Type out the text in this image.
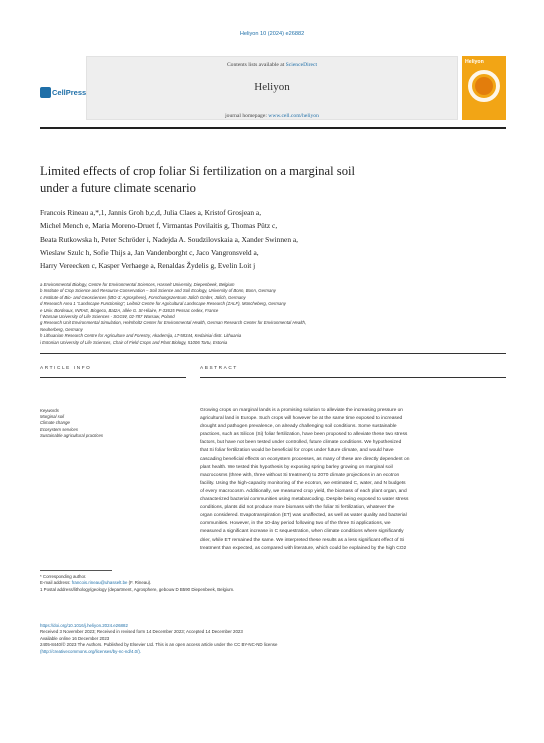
Heliyon 10 (2024) e26882
CellPress
Contents lists available at ScienceDirect
Heliyon
journal homepage: www.cell.com/heliyon
Heliyon
Limited effects of crop foliar Si fertilization on a marginal soil
under a future climate scenario
Francois Rineau a,*,1, Jannis Groh b,c,d, Julia Claes a, Kristof Grosjean a,
Michel Mench e, Maria Moreno-Druet f, Virmantas Povilaitis g, Thomas Pütz c,
Beata Rutkowska h, Peter Schröder i, Nadejda A. Soudzilovskaia a, Xander Swinnen a,
Wieslaw Szulc h, Sofie Thijs a, Jan Vandenborght c, Jaco Vangronsveld a,
Harry Vereecken c, Kasper Verhaege a, Renaldas Žydelis g, Evelin Loit j
a Environmental Biology, Centre for Environmental Sciences, Hasselt University, Diepenbeek, Belgium
b Institute of Crop Science and Resource Conservation – Soil Science and Soil Ecology, University of Bonn, Bonn, Germany
c Institute of Bio- and Geosciences (IBG-3: Agrosphere), Forschungszentrum Jülich GmbH, Jülich, Germany
d Research Area 1 "Landscape Functioning", Leibniz Centre for Agricultural Landscape Research (ZALF), Müncheberg, Germany
e Univ. Bordeaux, INRAE, Biogeco, Bat2A, allée G. St-Hilaire, F-33615 Pessac cedex, France
f Warsaw University of Life Sciences - SGGW, 02-787 Warsaw, Poland
g Research Unit Environmental Simulation, Helmholtz Center for Environmental Health, German Research Center for Environmental Health,
Neuherberg, Germany
h Lithuanian Research Centre for Agriculture and Forestry, Akademija, LT-58344, Kedainiai distr. Lithuania
i Estonian University of Life Sciences, Chair of Field Crops and Plant Biology, 51006 Tartu, Estonia
ARTICLE INFO
Keywords
Marginal soil
Climate change
Ecosystem services
Sustainable agricultural practices
ABSTRACT
Growing crops on marginal lands is a promising solution to alleviate the increasing pressure on
agricultural land in Europe. Such crops will however be at the same time exposed to increased
drought and pathogen prevalence, on already challenging soil conditions. Some sustainable
practices, such as Silicon (Si) foliar fertilization, have been proposed to alleviate these two stress
factors, but have not been tested under controlled, future climate conditions. We hypothesized
that Si foliar fertilization would be beneficial for crops under future climate, and would have
cascading beneficial effects on ecosystem processes, as many of these are directly dependent on
plant health. We tested this hypothesis by exposing spring barley growing on marginal soil
macrocosms (three with, three without Si treatment) to 2070 climate projections in an ecotron
facility. Using the high-capacity monitoring of the ecotron, we estimated C, water, and N budgets
of every macrocosm. Additionally, we measured crop yield, the biomass of each plant organ, and
characterized bacterial communities using metabarcoding. Despite being exposed to water stress
conditions, plants did not produce more biomass with the foliar Si fertilization, whatever the
organ considered. Evapotranspiration (ET) was unaffected, as well as water quality and bacterial
communities. However, in the 10-day period following two of the three Si applications, we
measured a significant increase in C sequestration, when climate conditions where significantly
drier, while ET remained the same. We interpreted these results as a less significant effect of Si
treatment than expected, as compared with literature, which could be explained by the high CO2
* Corresponding author.
E-mail address: francois.rineau@uhasselt.be (F. Rineau).
1 Postal address/lithology/geology (department, Agrosphere, gebouw D B590 Diepenbeek, Belgium.
https://doi.org/10.1016/j.heliyon.2024.e26882
Received 3 November 2023; Received in revised form 14 December 2023; Accepted 14 December 2023
Available online 16 December 2023
2405-8440/© 2023 The Authors. Published by Elsevier Ltd. This is an open access article under the CC BY-NC-ND license
(http://creativecommons.org/licenses/by-nc-nd/4.0/).
